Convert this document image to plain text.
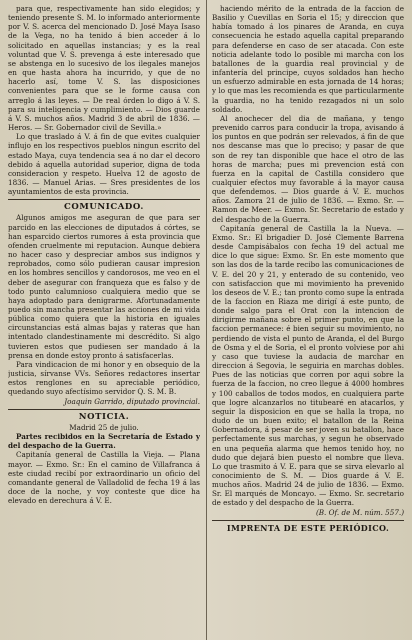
para que, respectivamente han sido elegidos; y teniendo presente S. M. lo informado anteriormente por V. S. acerca del mencionado D. José Maya Isaso de la Vega, no ha tenido á bien acceder á lo solicitado en aquellas instancias; y es la real voluntad que V. S. prevenga á este interesado que se abstenga en lo sucesivo de los ilegales manejos en que hasta ahora ha incurrido, y que de no hacerlo así, tome V. S. las disposiciones convenientes para que se le forme causa con arreglo á las leyes. — De real órden lo digo á V. S. para su inteligencia y cumplimiento. — Dios guarde á V. S. muchos años. Madrid 3 de abril de 1836. — Heros. — Sr. Gobernador civil de Sevilla.»

Lo que traslado á V. á fin de que evites cualquier influjo en los respectivos pueblos ningun escrito del estado Maya, cuya tendencia sea á no dar el decoro debido á aquella autoridad superior, digna de toda consideracion y respeto. Huelva 12 de agosto de 1836. — Manuel Arias. — Sres presidentes de los ayuntamientos de esta provincia.

COMUNICADO.

Algunos amigos me aseguran de que para ser parcido en las elecciones de diputados á córtes, se han esparcido ciertos rumores á esta provincia que ofenden cruelmente mi reputacion. Aunque debiera no hacer caso y despreciar ambos sus indignos y reprobados, como sólo pudieran causar impresion en los hombres sencillos y candorosos, me veo en el deber de asegurar con franqueza que es falso y de todo punto calumnioso cualquiera medio que se haya adoptado para denigrarme. Afortunadamente puedo sin mancha presentar las acciones de mi vida pública como quiera que la historia en iguales circunstancias está almas bajas y rateras que han intentado clandestinamente mi descrédito. Si algo tuvieren estos que pudiesen ser mandado á la prensa en donde estoy pronto á satisfacerlas.

Para vindicacion de mi honor y en obsequio de la justicia, sírvanse VVs. Señores redactores insertar estos renglones en su apreciable periódico, quedando suyo afectísimo servidor Q. S. M. B.

Joaquin Garrido, diputado provincial.

NOTICIA.

Madrid 25 de julio.

Partes recibidos en la Secretaría de Estado y del despacho de la Guerra.

Capitanía general de Castilla la Vieja. — Plana mayor. — Exmo. Sr.: En el camino de Villafranca á este ciudad recibí por extraordinario un oficio del comandante general de Valladolid de fecha 19 á las doce de la noche, y voy conteste que dice ha elevado en derechura á V. E.

haciendo mérito de la entrada de la faccion de Basilio y Cuevillas en Soria el 15; y direccion que había tomado á los pinares de Aranda, en cuya consecuencia he estado aquella capital preparando para defenderse en caso de ser atacada. Con este noticia adelante todo lo posible mi marcha con los batallones de la guardia real provincial y de infantería del principe, cuyos soldados han hecho un esfuerzo admirable en esta jornada de 14 horas; y lo que mas les recomienda es que particularmente la guardia, no ha tenido rezagados ni un solo soldado.

Al anochecer del dia de mañana, y tengo prevenido carros para conducir la tropa, avisando á los puntos en que podrán ser relevados, á fin de que nos descanse mas que lo preciso; y pasar de que son de rey tan disponible que hace el otro de las horas de marcha; pues mi prevencion está con fuerza en la capital de Castilla considero que cualquier efectos muy favorable á la mayor causa que defendemos. — Dios guarde á V. E. muchos años. Zamora 21 de julio de 1836. — Exmo. Sr. — Ramon de Meer. — Exmo. Sr. Secretario de estado y del despacho de la Guerra.

Capitanía general de Castilla la la Nueva. — Exmo. Sr.: El brigadier D. José Clemente Barrena desde Campisábalos con fecha 19 del actual me dice lo que sigue: Exmo. Sr. En este momento que son las dos de la tarde recibo las comunicaciones de V. E. del 20 y 21, y enterado de su contenido, veo con satisfaccion que mi movimiento ha prevenido los deseos de V. E.; tan pronto como supe la entrada de la faccion en Riaza me dirigí á este punto, de donde salgo para el Orat con la intencion de dirigirme mañana sobre el primer punto, en que la faccion permanece: é bien seguir su movimiento, no perdiendo de vista el punto de Aranda, el del Burgo de Osma y el de Soria, el el pronto volviese por ahi y caso que tuviese la audacia de marchar en direccion á Segovia, le seguiria en marchas dobles. Pues de las noticias que corren por aqui sobre la fuerza de la faccion, no creo llegue á 4000 hombres y 100 caballos de todos modos, en cualquiera parte que logre alcanzarlos no titubearé en atacarlos, y seguir la disposicion en que se halla la tropa, no dudo de un buen exito; el batallon de la Reina Gobernadora, á pesar de ser joven su batallon, hace perfectamente sus marchas, y segun he observado en una pequeña alarma que hemos tenido hoy, no dudo que dejará bien puesto el nombre que lleva. Lo que trasmito á V. E. para que se sirva elevarlo al conocimiento de S. M. — Dios guarde á V. E. muchos años. Madrid 24 de julio de 1836. — Exmo. Sr. El marqués de Moncayo. — Exmo. Sr. secretario de estado y del despacho de la Guerra.

(B. Of. de M. núm. 557.)

IMPRENTA DE ESTE PERIÓDICO.
